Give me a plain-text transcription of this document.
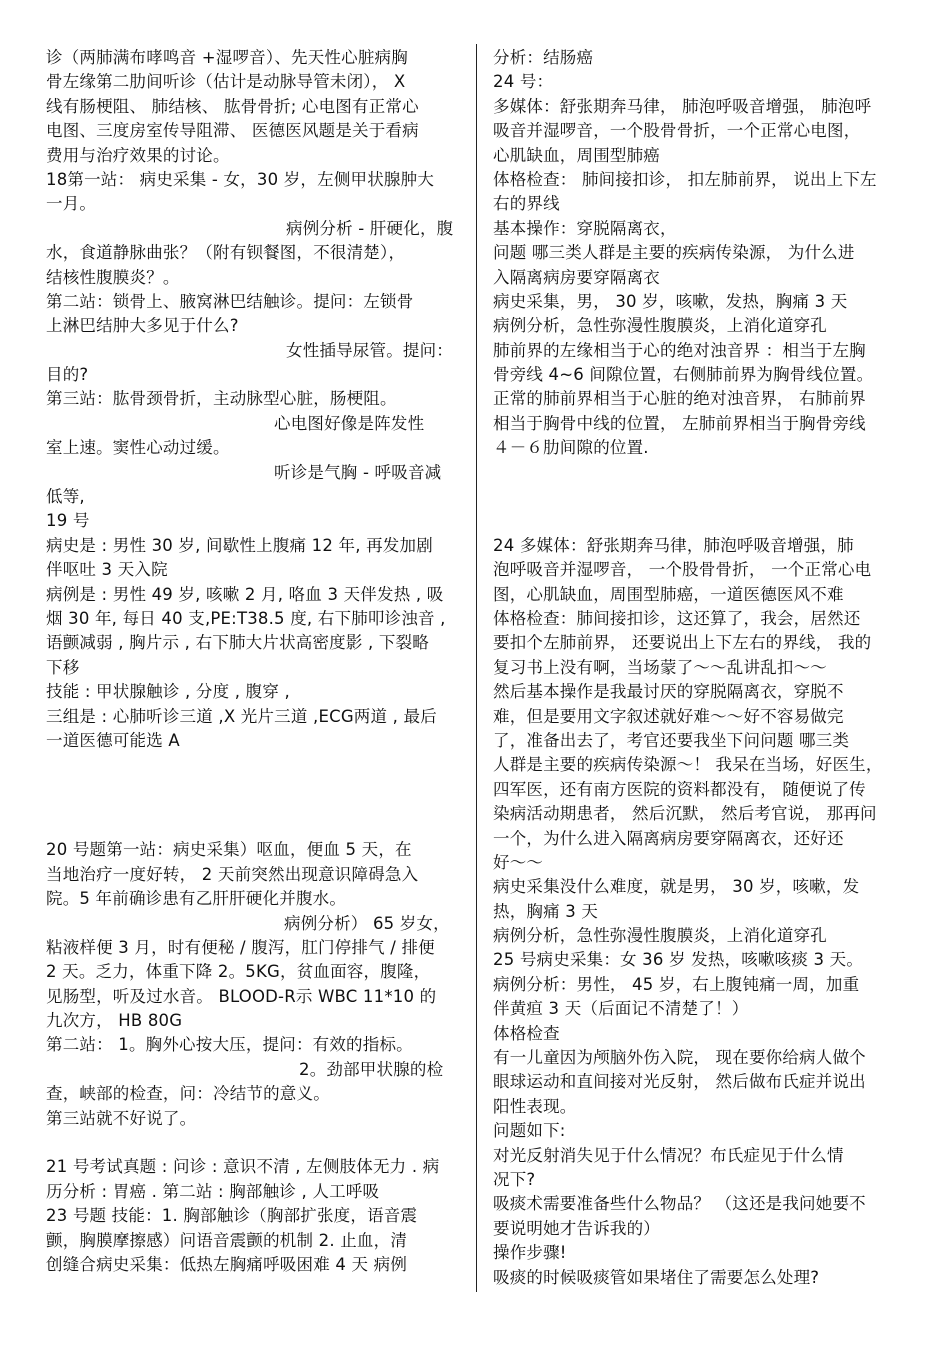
诊（两肺满布哮鸣音 +湿啰音）、先天性心脏病胸
骨左缘第二肋间听诊（估计是动脉导管未闭）， X
线有肠梗阻、 肺结核、 肱骨骨折; 心电图有正常心
电图、三度房室传导阻滞、 医德医风题是关于看病
费用与治疗效果的讨论。
18第一站： 病史采集 - 女，30 岁，左侧甲状腺肿大
一月。
病例分析 - 肝硬化，腹
水，食道静脉曲张？（附有钡餐图，不很清楚），
结核性腹膜炎？。
第二站：锁骨上、腋窝淋巴结触诊。提问：左锁骨
上淋巴结肿大多见于什么?
女性插导尿管。提问：
目的?
第三站：肱骨颈骨折，主动脉型心脏，肠梗阻。
心电图好像是阵发性
室上速。窦性心动过缓。
听诊是气胸 - 呼吸音减
低等,
19 号
病史是 : 男性 30 岁, 间歇性上腹痛 12 年, 再发加剧
伴呕吐 3 天入院
病例是 : 男性 49 岁, 咳嗽 2 月, 咯血 3 天伴发热 , 吸
烟 30 年, 每日 40 支,PE:T38.5 度, 右下肺叩诊浊音 ,
语颤减弱 , 胸片示 , 右下肺大片状高密度影 , 下裂略
下移
技能 : 甲状腺触诊 , 分度 , 腹穿 ,
三组是 : 心肺听诊三道 ,X 光片三道 ,ECG两道 , 最后
一道医德可能选 A
20 号题第一站：病史采集）呕血，便血 5 天，在
当地治疗一度好转， 2 天前突然出现意识障碍急入
院。5 年前确诊患有乙肝肝硬化并腹水。
病例分析） 65 岁女，
粘液样便 3 月，时有便秘 / 腹泻，肛门停排气 / 排便
2 天。乏力，体重下降 2。5KG，贫血面容，腹隆，
见肠型，听及过水音。 BLOOD-R示 WBC 11*10 的
九次方， HB 80G
第二站： 1。胸外心按大压，提问：有效的指标。
2。劲部甲状腺的检
查，峡部的检查，问：冷结节的意义。
第三站就不好说了。
21 号考试真题 : 问诊 : 意识不清 , 左侧肢体无力 . 病
历分析 : 胃癌 . 第二站 : 胸部触诊 , 人工呼吸
23 号题 技能：1. 胸部触诊（胸部扩张度，语音震
颤，胸膜摩擦感）问语音震颤的机制 2. 止血，清
创缝合病史采集：低热左胸痛呼吸困难 4 天 病例
分析：结肠癌
24 号：
多媒体：舒张期奔马律， 肺泡呼吸音增强， 肺泡呼
吸音并湿啰音，一个股骨骨折，一个正常心电图，
心肌缺血，周围型肺癌
体格检查： 肺间接扣诊， 扣左肺前界， 说出上下左
右的界线
基本操作：穿脱隔离衣，
问题 哪三类人群是主要的疾病传染源， 为什么进
入隔离病房要穿隔离衣
病史采集，男， 30 岁，咳嗽，发热，胸痛 3 天
病例分析，急性弥漫性腹膜炎，上消化道穿孔
肺前界的左缘相当于心的绝对浊音界 ：相当于左胸
骨旁线 4~6 间隙位置，右侧肺前界为胸骨线位置。
正常的肺前界相当于心脏的绝对浊音界， 右肺前界
相当于胸骨中线的位置， 左肺前界相当于胸骨旁线
４－６肋间隙的位置.
24 多媒体：舒张期奔马律，肺泡呼吸音增强，肺
泡呼吸音并湿啰音， 一个股骨骨折， 一个正常心电
图，心肌缺血，周围型肺癌，一道医德医风不难
体格检查：肺间接扣诊，这还算了，我会，居然还
要扣个左肺前界， 还要说出上下左右的界线， 我的
复习书上没有啊，当场蒙了～～乱讲乱扣～～
然后基本操作是我最讨厌的穿脱隔离衣，穿脱不
难，但是要用文字叙述就好难～～好不容易做完
了，准备出去了，考官还要我坐下问问题 哪三类
人群是主要的疾病传染源～！ 我呆在当场，好医生，
四军医，还有南方医院的资料都没有， 随便说了传
染病活动期患者， 然后沉默， 然后考官说， 那再问
一个，为什么进入隔离病房要穿隔离衣，还好还
好～～
病史采集没什么难度，就是男， 30 岁，咳嗽，发
热，胸痛 3 天
病例分析，急性弥漫性腹膜炎，上消化道穿孔
25 号病史采集：女 36 岁 发热，咳嗽咳痰 3 天。
病例分析：男性， 45 岁，右上腹钝痛一周，加重
伴黄疸 3 天（后面记不清楚了！）
体格检查
有一儿童因为颅脑外伤入院， 现在要你给病人做个
眼球运动和直间接对光反射， 然后做布氏症并说出
阳性表现。
问题如下:
对光反射消失见于什么情况？布氏症见于什么情
况下?
吸痰术需要准备些什么物品？ （这还是我问她要不
要说明她才告诉我的）
操作步骤!
吸痰的时候吸痰管如果堵住了需要怎么处理?
